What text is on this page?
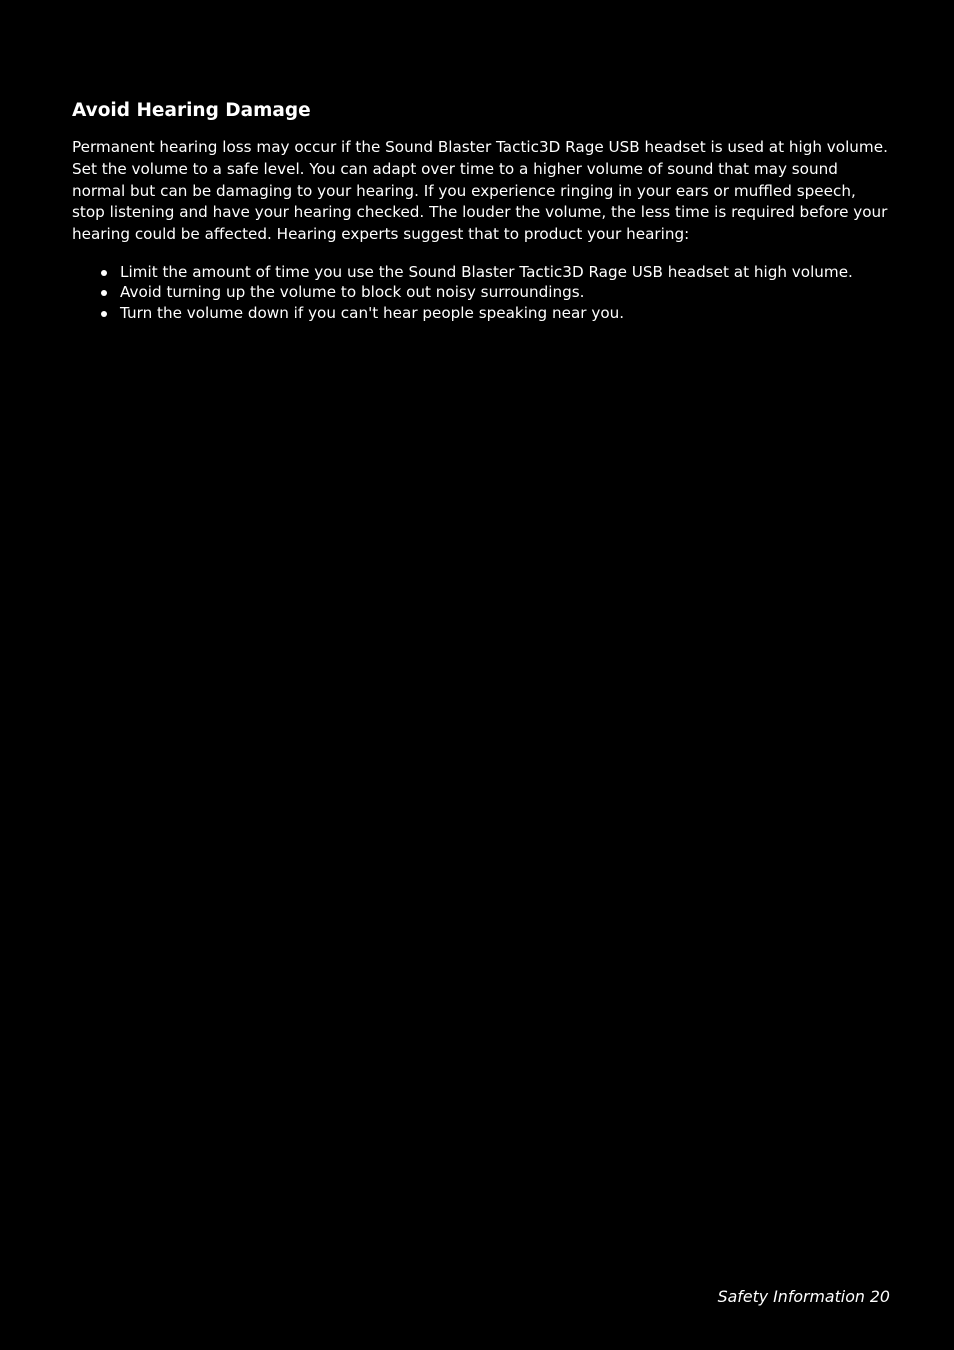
Avoid Hearing Damage

Permanent hearing loss may occur if the Sound Blaster Tactic3D Rage USB headset is used at high volume. Set the volume to a safe level. You can adapt over time to a higher volume of sound that may sound normal but can be damaging to your hearing. If you experience ringing in your ears or muffled speech, stop listening and have your hearing checked. The louder the volume, the less time is required before your hearing could be affected. Hearing experts suggest that to product your hearing:

Limit the amount of time you use the Sound Blaster Tactic3D Rage USB headset at high volume.
Avoid turning up the volume to block out noisy surroundings.
Turn the volume down if you can't hear people speaking near you.
Safety Information 20
